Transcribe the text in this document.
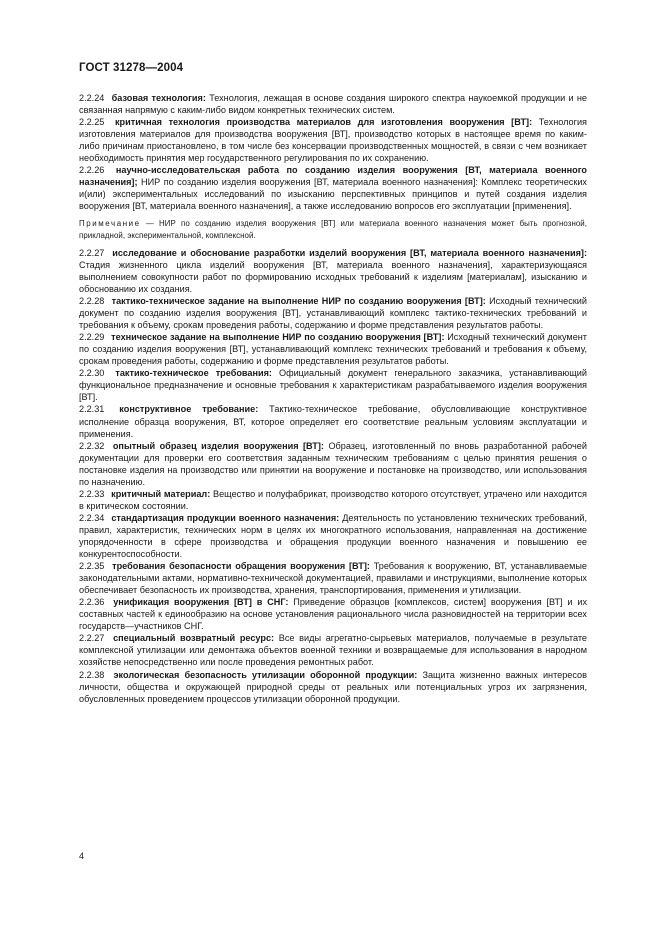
ГОСТ 31278—2004

2.2.24 базовая технология: Технология, лежащая в основе создания широкого спектра наукоемкой продукции и не связанная напрямую с каким-либо видом конкретных технических систем.

2.2.25 критичная технология производства материалов для изготовления вооружения [ВТ]: Технология изготовления материалов для производства вооружения [ВТ], производство которых в настоящее время по каким-либо причинам приостановлено, в том числе без консервации производственных мощностей, в связи с чем возникает необходимость принятия мер государственного регулирования по их сохранению.

2.2.26 научно-исследовательская работа по созданию изделия вооружения [ВТ, материала военного назначения]; НИР по созданию изделия вооружения [ВТ, материала военного назначения]: Комплекс теоретических и(или) экспериментальных исследований по изысканию перспективных принципов и путей создания изделия вооружения [ВТ, материала военного назначения], а также исследованию вопросов его эксплуатации [применения].

Примечание — НИР по созданию изделия вооружения [ВТ] или материала военного назначения может быть прогнозной, прикладной, экспериментальной, комплексной.

2.2.27 исследование и обоснование разработки изделий вооружения [ВТ, материала военного назначения]: Стадия жизненного цикла изделий вооружения [ВТ, материала военного назначения], характеризующаяся выполнением совокупности работ по формированию исходных требований к изделиям [материалам], изысканию и обоснованию их создания.

2.2.28 тактико-техническое задание на выполнение НИР по созданию вооружения [ВТ]: Исходный технический документ по созданию изделия вооружения [ВТ], устанавливающий комплекс тактико-технических требований и требования к объему, срокам проведения работы, содержанию и форме представления результатов работы.

2.2.29 техническое задание на выполнение НИР по созданию вооружения [ВТ]: Исходный технический документ по созданию изделия вооружения [ВТ], устанавливающий комплекс технических требований и требования к объему, срокам проведения работы, содержанию и форме представления результатов работы.

2.2.30 тактико-техническое требования: Официальный документ генерального заказчика, устанавливающий функциональное предназначение и основные требования к характеристикам разрабатываемого изделия вооружения [ВТ].

2.2.31 конструктивное требование: Тактико-техническое требование, обусловливающие конструктивное исполнение образца вооружения, ВТ, которое определяет его соответствие реальным условиям эксплуатации и применения.

2.2.32 опытный образец изделия вооружения [ВТ]: Образец, изготовленный по вновь разработанной рабочей документации для проверки его соответствия заданным техническим требованиям с целью принятия решения о постановке изделия на производство или принятии на вооружение и постановке на производство, или использования по назначению.

2.2.33 критичный материал: Вещество и полуфабрикат, производство которого отсутствует, утрачено или находится в критическом состоянии.

2.2.34 стандартизация продукции военного назначения: Деятельность по установлению технических требований, правил, характеристик, технических норм в целях их многократного использования, направленная на достижение упорядоченности в сфере производства и обращения продукции военного назначения и повышению ее конкурентоспособности.

2.2.35 требования безопасности обращения вооружения [ВТ]: Требования к вооружению, ВТ, устанавливаемые законодательными актами, нормативно-технической документацией, правилами и инструкциями, выполнение которых обеспечивает безопасность их производства, хранения, транспортирования, применения и утилизации.

2.2.36 унификация вооружения [ВТ] в СНГ: Приведение образцов [комплексов, систем] вооружения [ВТ] и их составных частей к единообразию на основе установления рационального числа разновидностей на территории всех государств—участников СНГ.

2.2.27 специальный возвратный ресурс: Все виды агрегатно-сырьевых материалов, получаемые в результате комплексной утилизации или демонтажа объектов военной техники и возвращаемые для использования в народном хозяйстве непосредственно или после проведения ремонтных работ.

2.2.38 экологическая безопасность утилизации оборонной продукции: Защита жизненно важных интересов личности, общества и окружающей природной среды от реальных или потенциальных угроз их загрязнения, обусловленных проведением процессов утилизации оборонной продукции.

4
